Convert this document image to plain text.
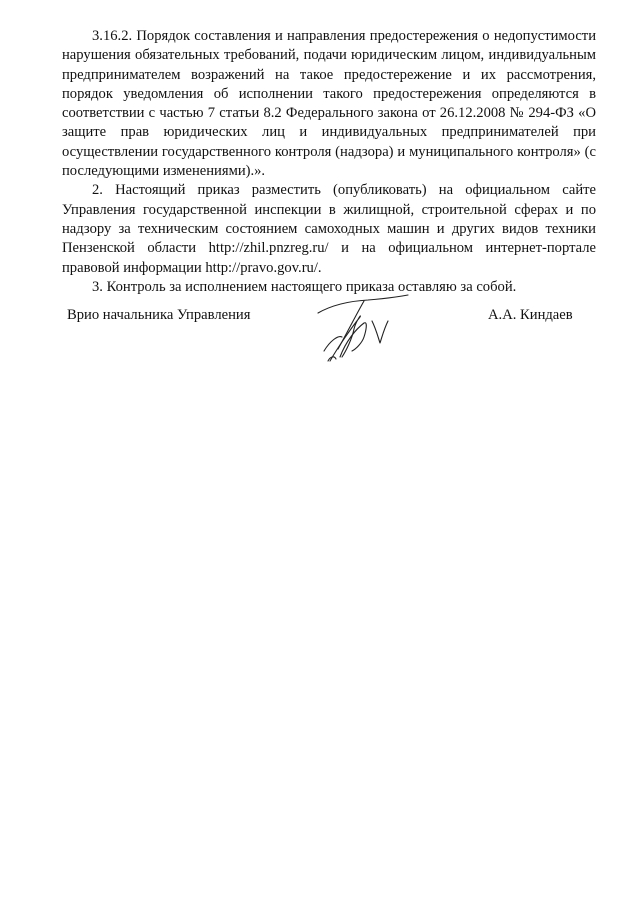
3.16.2. Порядок составления и направления предостережения о недопустимости нарушения обязательных требований, подачи юридическим лицом, индивидуальным предпринимателем возражений на такое предостережение и их рассмотрения, порядок уведомления об исполнении такого предостережения определяются в соответствии с частью 7 статьи 8.2 Федерального закона от 26.12.2008 № 294-ФЗ «О защите прав юридических лиц и индивидуальных предпринимателей при осуществлении государственного контроля (надзора) и муниципального контроля» (с последующими изменениями).».

2. Настоящий приказ разместить (опубликовать) на официальном сайте Управления государственной инспекции в жилищной, строительной сферах и по надзору за техническим состоянием самоходных машин и других видов техники Пензенской области http://zhil.pnzreg.ru/ и на официальном интернет-портале правовой информации http://pravo.gov.ru/.

3. Контроль за исполнением настоящего приказа оставляю за собой.

Врио начальника Управления	А.А. Киндаев
